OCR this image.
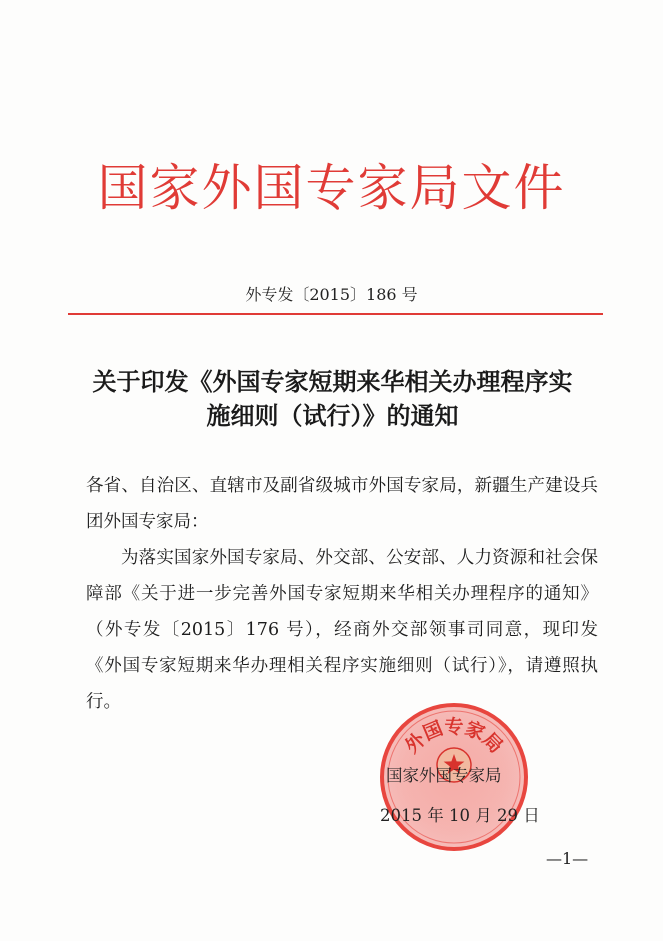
国家外国专家局文件
外专发〔2015〕186 号
关于印发《外国专家短期来华相关办理程序实
施细则（试行）》的通知

各省、自治区、直辖市及副省级城市外国专家局，新疆生产建设兵团外国专家局：

为落实国家外国专家局、外交部、公安部、人力资源和社会保障部《关于进一步完善外国专家短期来华相关办理程序的通知》（外专发〔2015〕176 号），经商外交部领事司同意，现印发《外国专家短期来华办理相关程序实施细则（试行）》，请遵照执行。

外国专家局
国家外国专家局
2015 年 10 月 29 日
—1—
